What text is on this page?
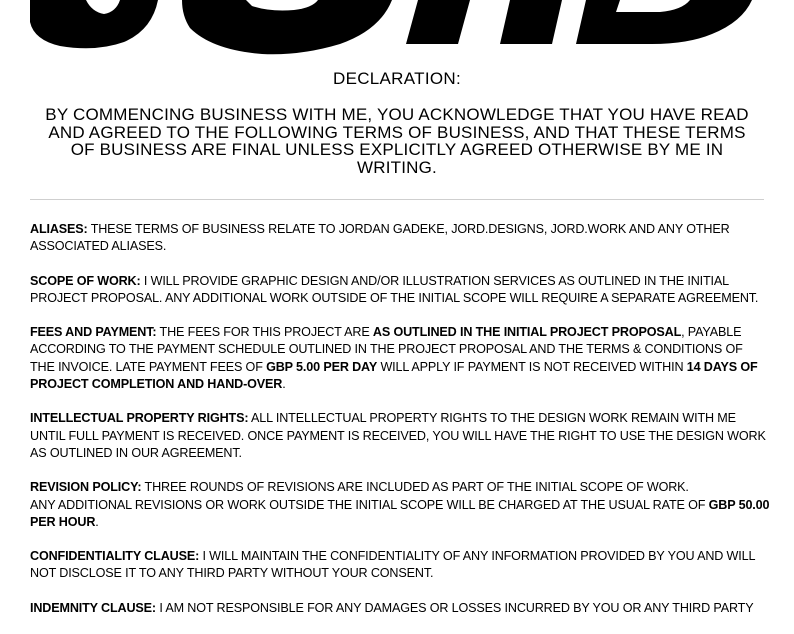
DECLARATION:

BY COMMENCING BUSINESS WITH ME, YOU ACKNOWLEDGE THAT YOU HAVE READ AND AGREED TO THE FOLLOWING TERMS OF BUSINESS, AND THAT THESE TERMS OF BUSINESS ARE FINAL UNLESS EXPLICITLY AGREED OTHERWISE BY ME IN WRITING.

ALIASES: THESE TERMS OF BUSINESS RELATE TO JORDAN GADEKE, JORD.DESIGNS, JORD.WORK AND ANY OTHER ASSOCIATED ALIASES.

SCOPE OF WORK: I WILL PROVIDE GRAPHIC DESIGN AND/OR ILLUSTRATION SERVICES AS OUTLINED IN THE INITIAL PROJECT PROPOSAL. ANY ADDITIONAL WORK OUTSIDE OF THE INITIAL SCOPE WILL REQUIRE A SEPARATE AGREEMENT.

FEES AND PAYMENT: THE FEES FOR THIS PROJECT ARE AS OUTLINED IN THE INITIAL PROJECT PROPOSAL, PAYABLE ACCORDING TO THE PAYMENT SCHEDULE OUTLINED IN THE PROJECT PROPOSAL AND THE TERMS & CONDITIONS OF THE INVOICE. LATE PAYMENT FEES OF GBP 5.00 PER DAY WILL APPLY IF PAYMENT IS NOT RECEIVED WITHIN 14 DAYS OF PROJECT COMPLETION AND HAND-OVER.

INTELLECTUAL PROPERTY RIGHTS: ALL INTELLECTUAL PROPERTY RIGHTS TO THE DESIGN WORK REMAIN WITH ME UNTIL FULL PAYMENT IS RECEIVED. ONCE PAYMENT IS RECEIVED, YOU WILL HAVE THE RIGHT TO USE THE DESIGN WORK AS OUTLINED IN OUR AGREEMENT.

REVISION POLICY: THREE ROUNDS OF REVISIONS ARE INCLUDED AS PART OF THE INITIAL SCOPE OF WORK.
ANY ADDITIONAL REVISIONS OR WORK OUTSIDE THE INITIAL SCOPE WILL BE CHARGED AT THE USUAL RATE OF GBP 50.00 PER HOUR.

CONFIDENTIALITY CLAUSE: I WILL MAINTAIN THE CONFIDENTIALITY OF ANY INFORMATION PROVIDED BY YOU AND WILL NOT DISCLOSE IT TO ANY THIRD PARTY WITHOUT YOUR CONSENT.

INDEMNITY CLAUSE: I AM NOT RESPONSIBLE FOR ANY DAMAGES OR LOSSES INCURRED BY YOU OR ANY THIRD PARTY
